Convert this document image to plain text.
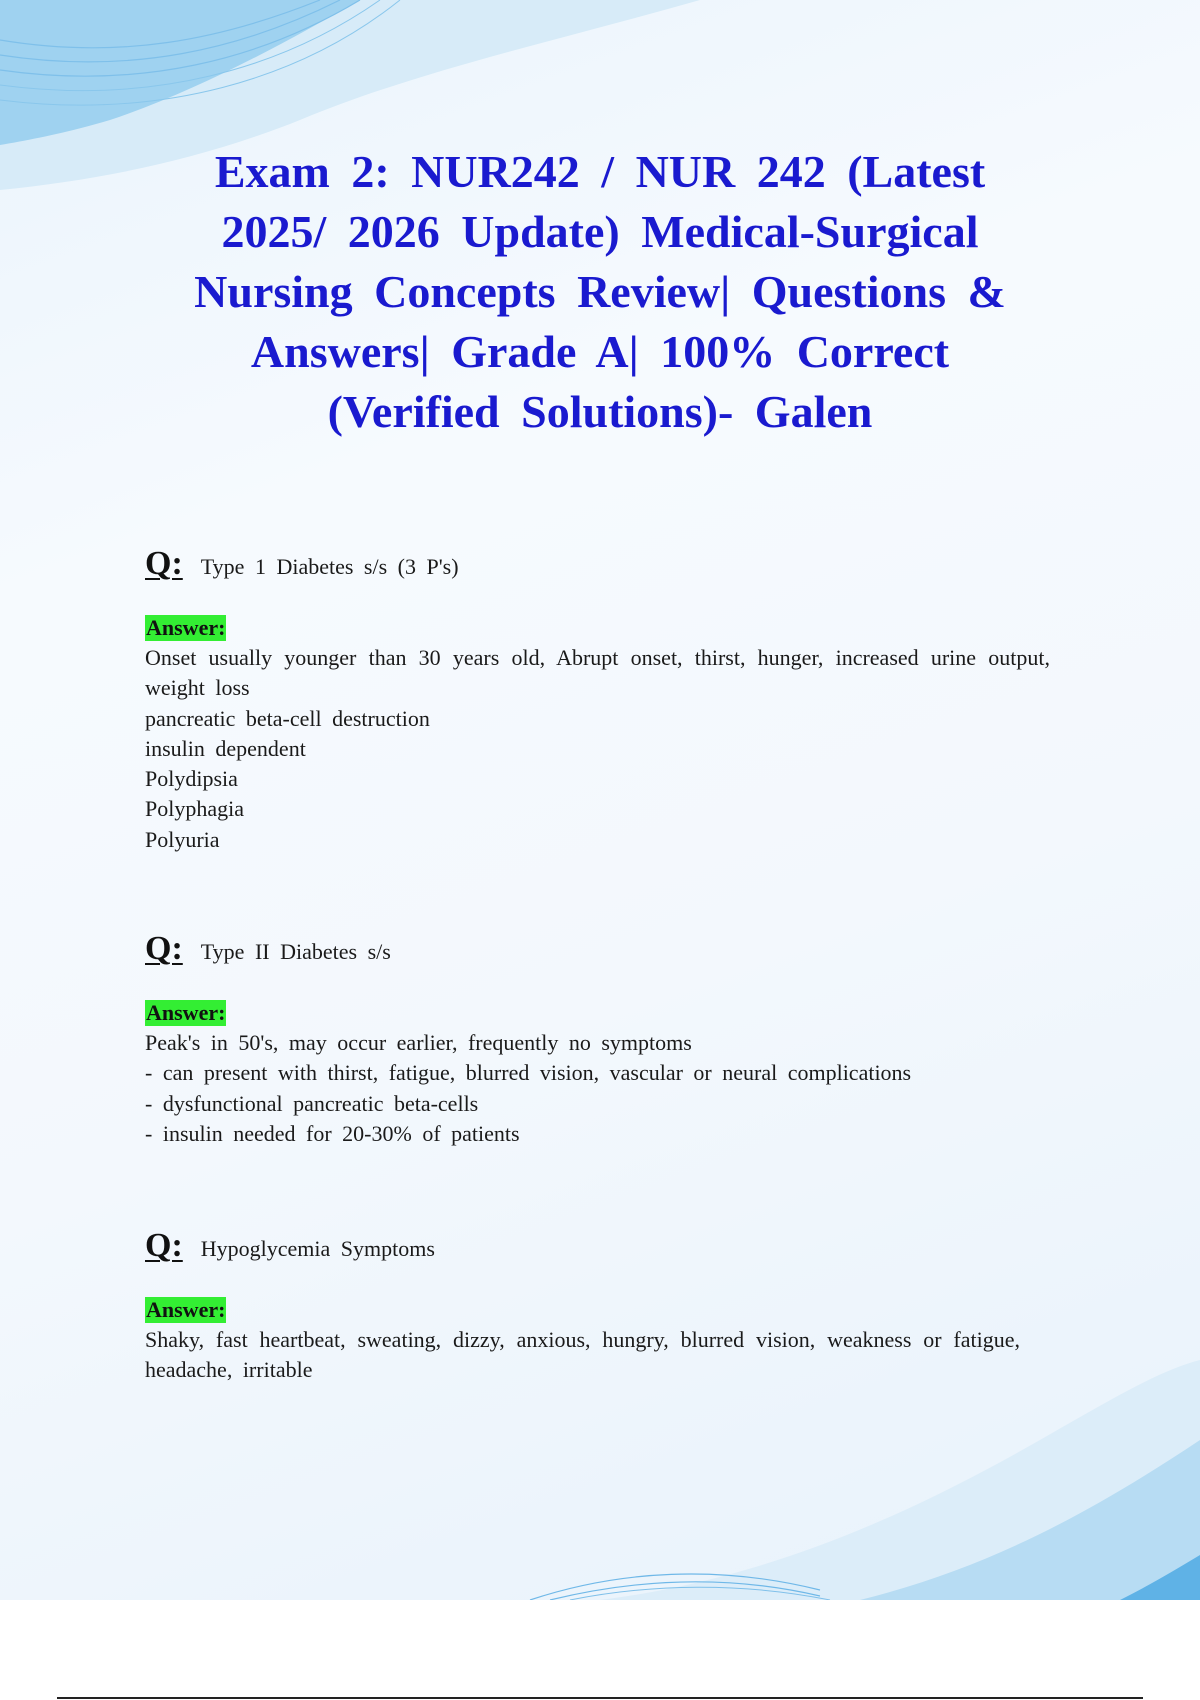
Exam 2: NUR242 / NUR 242 (Latest 2025/ 2026 Update) Medical-Surgical Nursing Concepts Review| Questions & Answers| Grade A| 100% Correct (Verified Solutions)- Galen
Q: Type 1 Diabetes s/s (3 P's)
Answer:
Onset usually younger than 30 years old, Abrupt onset, thirst, hunger, increased urine output, weight loss
pancreatic beta-cell destruction
insulin dependent
Polydipsia
Polyphagia
Polyuria
Q: Type II Diabetes s/s
Answer:
Peak's in 50's, may occur earlier, frequently no symptoms
- can present with thirst, fatigue, blurred vision, vascular or neural complications
- dysfunctional pancreatic beta-cells
- insulin needed for 20-30% of patients
Q: Hypoglycemia Symptoms
Answer:
Shaky, fast heartbeat, sweating, dizzy, anxious, hungry, blurred vision, weakness or fatigue, headache, irritable
